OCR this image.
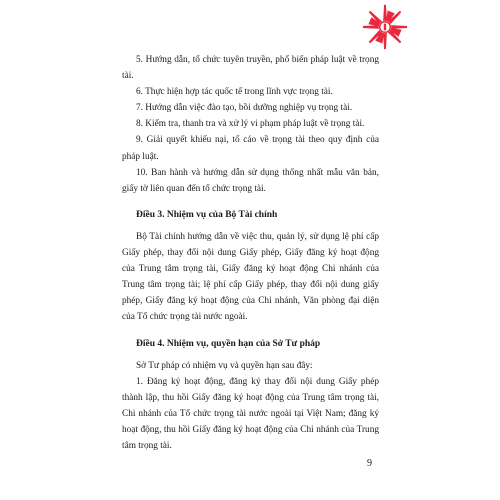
5. Hướng dẫn, tổ chức tuyên truyền, phổ biến pháp luật về trọng tài.

6. Thực hiện hợp tác quốc tế trong lĩnh vực trọng tài.

7. Hướng dẫn việc đào tạo, bồi dưỡng nghiệp vụ trọng tài.

8. Kiểm tra, thanh tra và xử lý vi phạm pháp luật về trọng tài.

9. Giải quyết khiếu nại, tố cáo về trọng tài theo quy định của pháp luật.

10. Ban hành và hướng dẫn sử dụng thống nhất mẫu văn bản, giấy tờ liên quan đến tổ chức trọng tài.

Điều 3. Nhiệm vụ của Bộ Tài chính

Bộ Tài chính hướng dẫn về việc thu, quản lý, sử dụng lệ phí cấp Giấy phép, thay đổi nội dung Giấy phép, Giấy đăng ký hoạt động của Trung tâm trọng tài, Giấy đăng ký hoạt động Chi nhánh của Trung tâm trọng tài; lệ phí cấp Giấy phép, thay đổi nội dung giấy phép, Giấy đăng ký hoạt động của Chi nhánh, Văn phòng đại diện của Tổ chức trọng tài nước ngoài.

Điều 4. Nhiệm vụ, quyền hạn của Sở Tư pháp

Sở Tư pháp có nhiệm vụ và quyền hạn sau đây:

1. Đăng ký hoạt động, đăng ký thay đổi nội dung Giấy phép thành lập, thu hồi Giấy đăng ký hoạt động của Trung tâm trọng tài, Chi nhánh của Tổ chức trọng tài nước ngoài tại Việt Nam; đăng ký hoạt động, thu hồi Giấy đăng ký hoạt động của Chi nhánh của Trung tâm trọng tài.

9
